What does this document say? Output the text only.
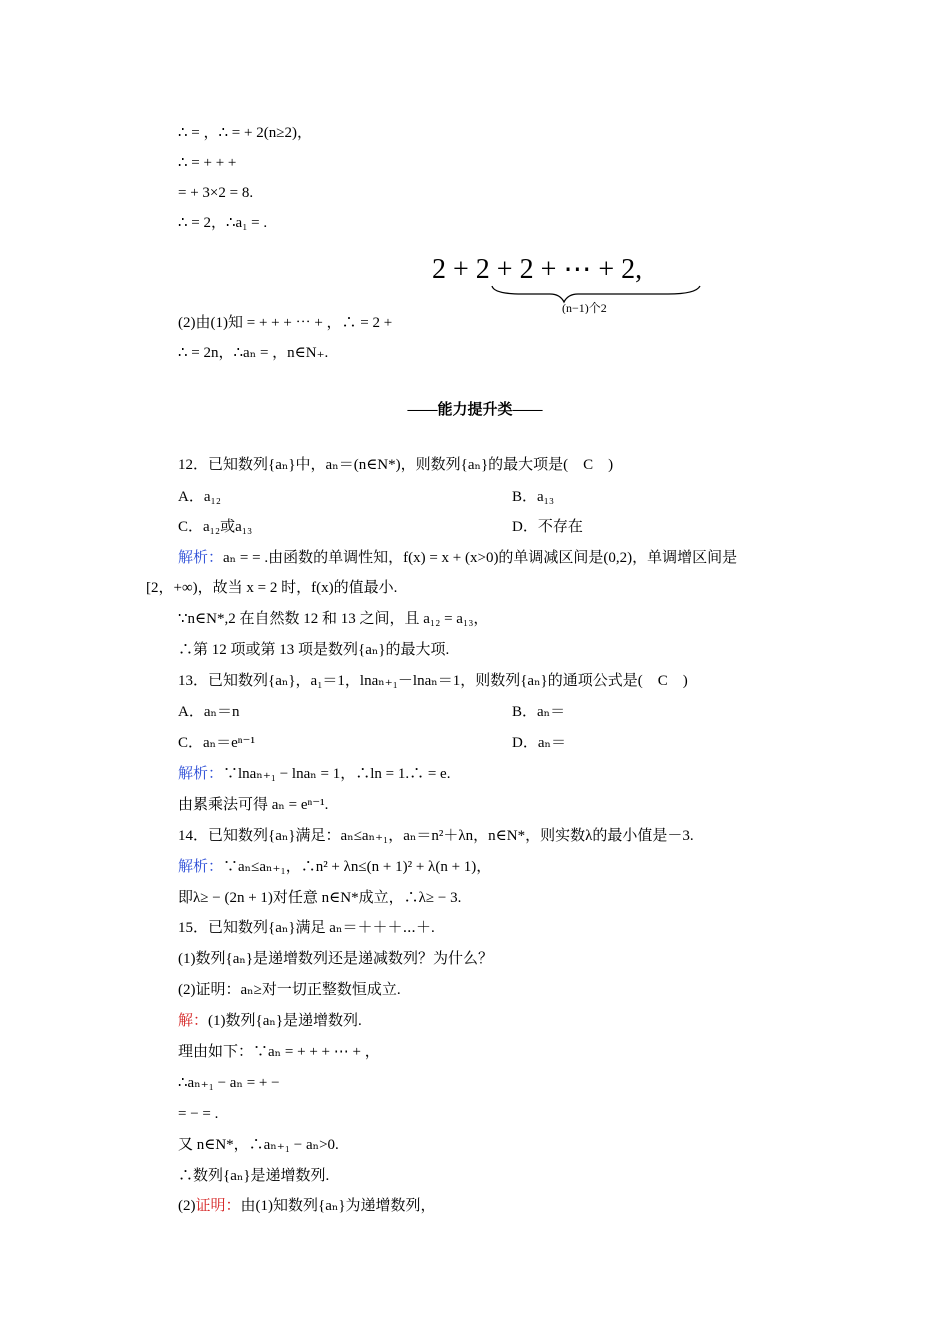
∴ = ，∴ = + 2(n≥2)，
∴ = + + +
= + 3×2 = 8.
∴ = 2，∴a₁ = .
2 + 2 + 2 + ⋯ + 2,
(n−1)个2
(2)由(1)知 = + + + ⋯ + ，∴ = 2 +
∴ = 2n，∴aₙ = ，n∈N₊.
——能力提升类——
12．已知数列{aₙ}中，aₙ＝(n∈N*)，则数列{aₙ}的最大项是(　C　)
A．a₁₂	B．a₁₃
C．a₁₂或a₁₃	D．不存在
解析：aₙ = = .由函数的单调性知，f(x) = x + (x>0)的单调减区间是(0,2)，单调增区间是
[2，+∞)，故当 x = 2 时，f(x)的值最小.
∵n∈N*,2 在自然数 12 和 13 之间，且 a₁₂ = a₁₃，
∴第 12 项或第 13 项是数列{aₙ}的最大项.
13．已知数列{aₙ}，a₁＝1，lnaₙ₊₁－lnaₙ＝1，则数列{aₙ}的通项公式是(　C　)
A．aₙ＝n	B．aₙ＝
C．aₙ＝eⁿ⁻¹	D．aₙ＝
解析：∵lnaₙ₊₁ − lnaₙ = 1，∴ln = 1.∴ = e.
由累乘法可得 aₙ = eⁿ⁻¹.
14．已知数列{aₙ}满足：aₙ≤aₙ₊₁，aₙ＝n²＋λn，n∈N*，则实数λ的最小值是－3.
解析：∵aₙ≤aₙ₊₁，∴n² + λn≤(n + 1)² + λ(n + 1)，
即λ≥ − (2n + 1)对任意 n∈N*成立，∴λ≥ − 3.
15．已知数列{aₙ}满足 aₙ＝＋＋＋⋯＋.
(1)数列{aₙ}是递增数列还是递减数列？为什么？
(2)证明：aₙ≥对一切正整数恒成立.
解：(1)数列{aₙ}是递增数列.
理由如下：∵aₙ = + + + ⋯ + ，
∴aₙ₊₁ − aₙ = + −
= − = .
又 n∈N*，∴aₙ₊₁ − aₙ>0.
∴数列{aₙ}是递增数列.
(2)证明：由(1)知数列{aₙ}为递增数列，
